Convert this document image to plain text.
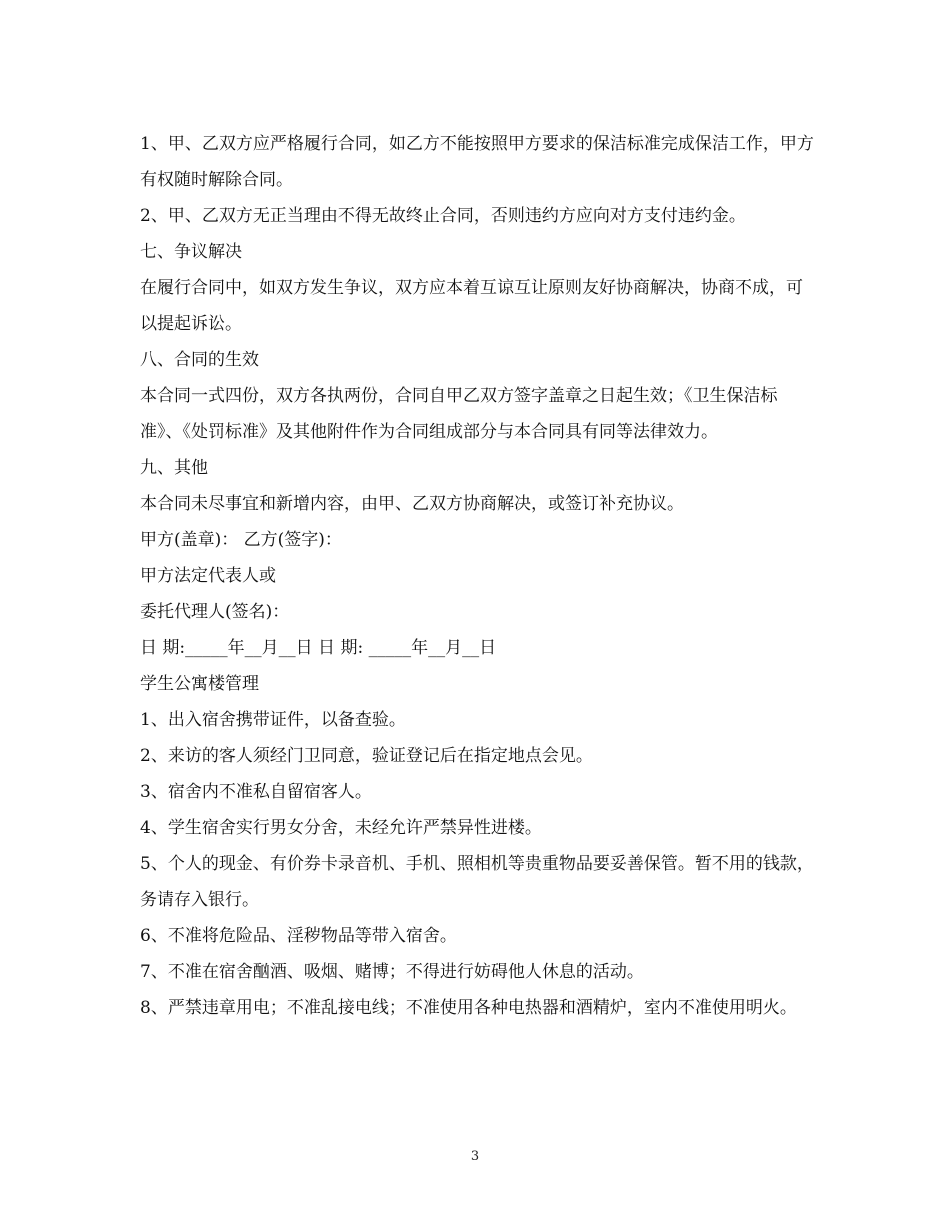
1、甲、乙双方应严格履行合同，如乙方不能按照甲方要求的保洁标准完成保洁工作，甲方有权随时解除合同。

2、甲、乙双方无正当理由不得无故终止合同，否则违约方应向对方支付违约金。

七、争议解决

在履行合同中，如双方发生争议，双方应本着互谅互让原则友好协商解决，协商不成，可以提起诉讼。

八、合同的生效

本合同一式四份，双方各执两份，合同自甲乙双方签字盖章之日起生效；《卫生保洁标准》、《处罚标准》及其他附件作为合同组成部分与本合同具有同等法律效力。

九、其他

本合同未尽事宜和新增内容，由甲、乙双方协商解决，或签订补充协议。

甲方(盖章)： 乙方(签字)：

甲方法定代表人或

委托代理人(签名)：

日 期:_____年__月__日 日 期: _____年__月__日

学生公寓楼管理

1、出入宿舍携带证件，以备查验。

2、来访的客人须经门卫同意，验证登记后在指定地点会见。

3、宿舍内不准私自留宿客人。

4、学生宿舍实行男女分舍，未经允许严禁异性进楼。

5、个人的现金、有价券卡录音机、手机、照相机等贵重物品要妥善保管。暂不用的钱款，务请存入银行。

6、不准将危险品、淫秽物品等带入宿舍。

7、不准在宿舍酗酒、吸烟、赌博；不得进行妨碍他人休息的活动。

8、严禁违章用电；不准乱接电线；不准使用各种电热器和酒精炉，室内不准使用明火。

3
